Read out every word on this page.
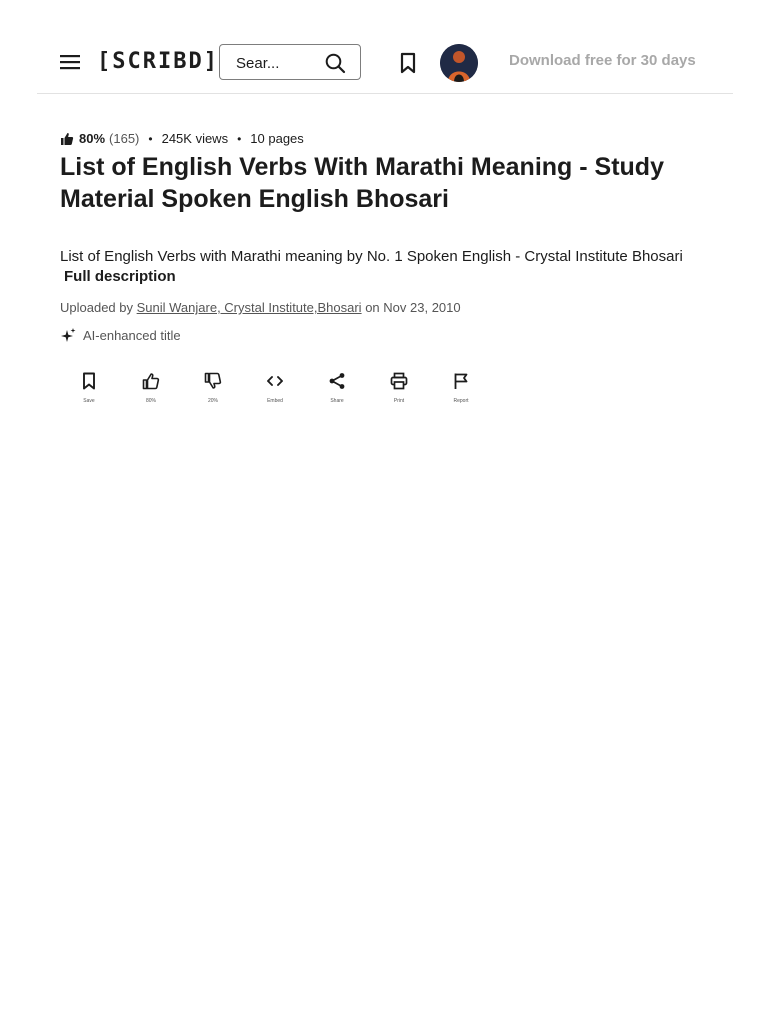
[SCRIBD]
Sear...	Download free for 30 days
80% (165) • 245K views • 10 pages
List of English Verbs With Marathi Meaning - Study Material Spoken English Bhosari
List of English Verbs with Marathi meaning by No. 1 Spoken English - Crystal Institute Bhosari
Full description
Uploaded by Sunil Wanjare, Crystal Institute,Bhosari on Nov 23, 2010
AI-enhanced title
Save	80%	20%	Embed	Share	Print	Report
